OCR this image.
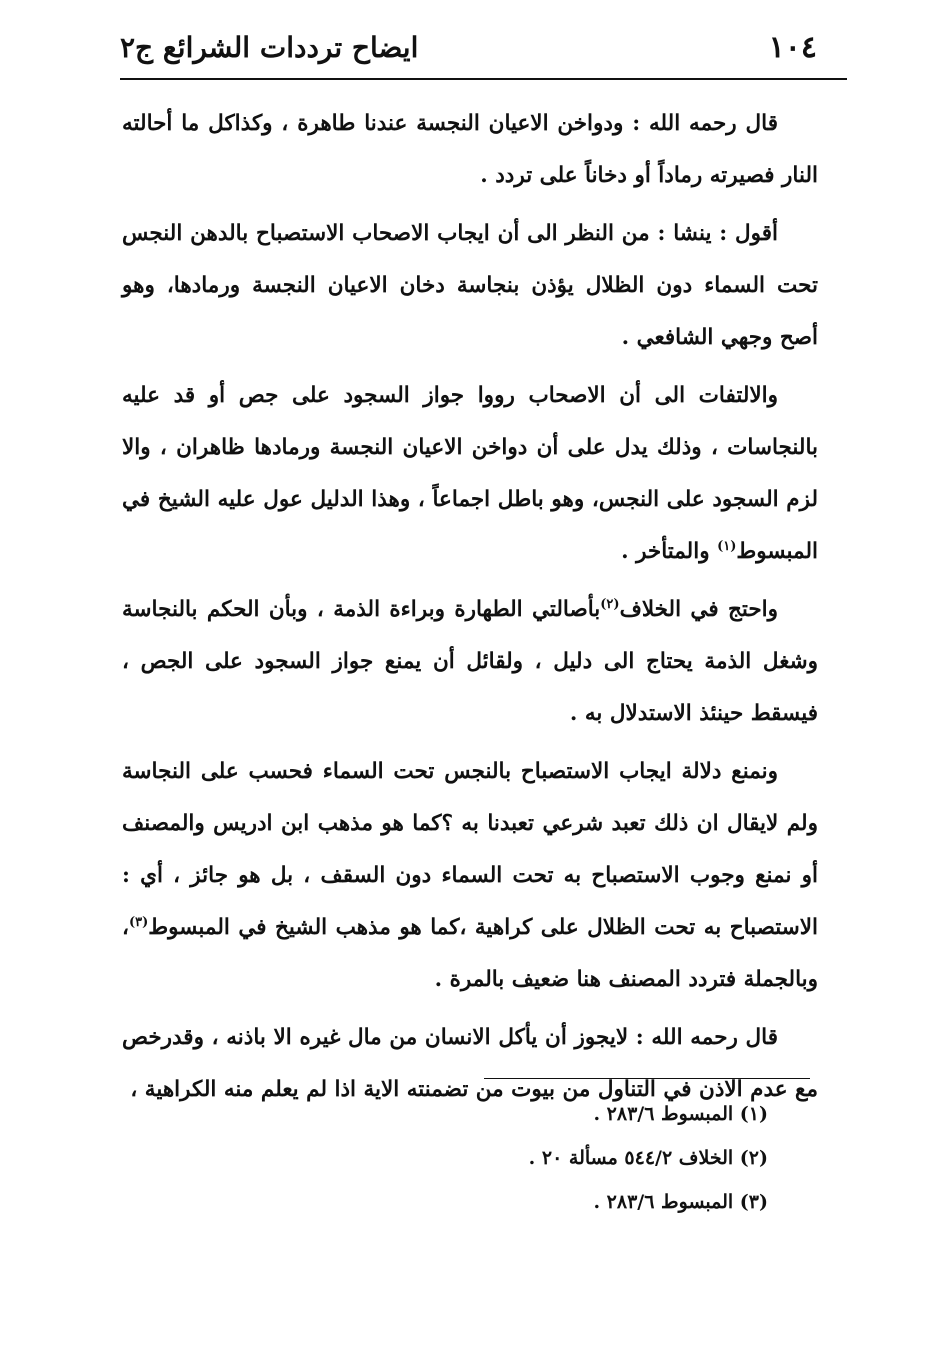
١٠٤
ايضاح ترددات الشرائع ج٢

قال رحمه الله : ودواخن الاعيان النجسة عندنا طاهرة ، وكذاكل ما أحالته النار فصيرته رماداً أو دخاناً على تردد .

أقول : ينشا : من النظر الى أن ايجاب الاصحاب الاستصباح بالدهن النجس تحت السماء دون الظلال يؤذن بنجاسة دخان الاعيان النجسة ورمادها، وهو أصح وجهي الشافعي .

والالتفات الى أن الاصحاب رووا جواز السجود على جص أو قد عليه بالنجاسات ، وذلك يدل على أن دواخن الاعيان النجسة ورمادها ظاهران ، والا لزم السجود على النجس، وهو باطل اجماعاً ، وهذا الدليل عول عليه الشيخ في المبسوط$^{(١)}$ والمتأخر .

واحتج في الخلاف$^{(٢)}$بأصالتي الطهارة وبراءة الذمة ، وبأن الحكم بالنجاسة وشغل الذمة يحتاج الى دليل ، ولقائل أن يمنع جواز السجود على الجص ، فيسقط حينئذ الاستدلال به .

ونمنع دلالة ايجاب الاستصباح بالنجس تحت السماء فحسب على النجاسة ولم لايقال ان ذلك تعبد شرعي تعبدنا به ؟كما هو مذهب ابن ادريس والمصنف أو نمنع وجوب الاستصباح به تحت السماء دون السقف ، بل هو جائز ، أي : الاستصباح به تحت الظلال على كراهية ،كما هو مذهب الشيخ في المبسوط$^{(٣)}$، وبالجملة فتردد المصنف هنا ضعيف بالمرة .

قال رحمه الله : لايجوز أن يأكل الانسان من مال غيره الا باذنه ، وقدرخص مع عدم الاذن في التناول من بيوت من تضمنته الاية اذا لم يعلم منه الكراهية ،

(١) المبسوط ٢٨٣/٦ .
(٢) الخلاف ٥٤٤/٢ مسألة ٢٠ .
(٣) المبسوط ٢٨٣/٦ .
